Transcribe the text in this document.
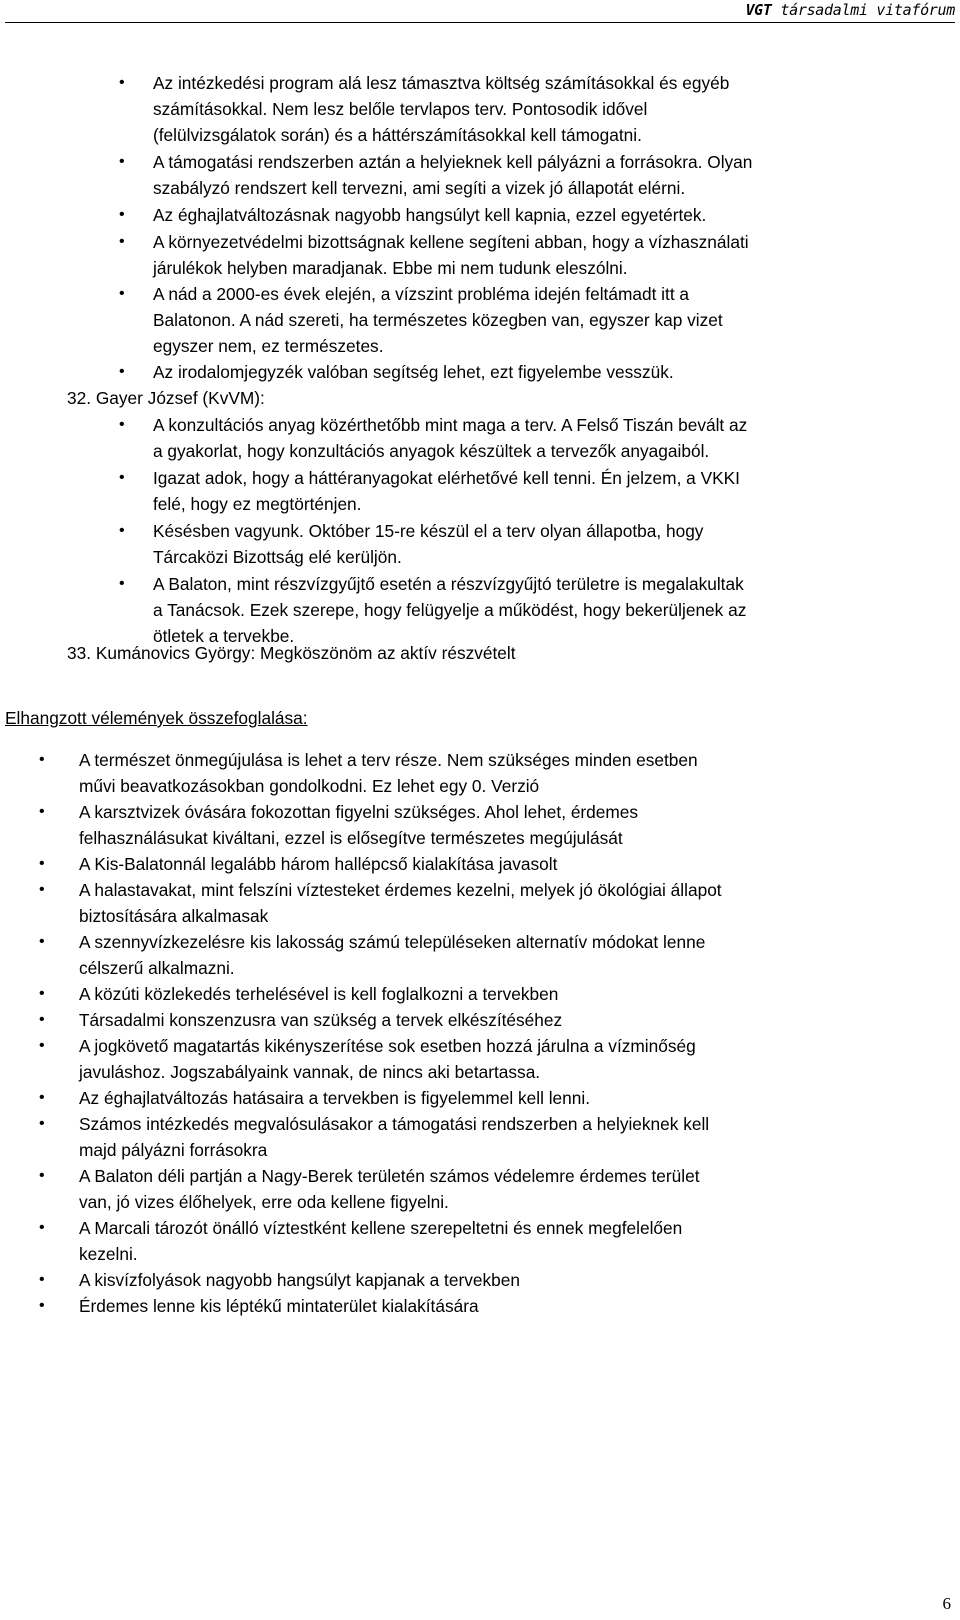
VGT társadalmi vitafórum
• Az intézkedési program alá lesz támasztva költség számításokkal és egyéb
számításokkal. Nem lesz belőle tervlapos terv. Pontosodik idővel
(felülvizsgálatok során) és a háttérszámításokkal kell támogatni.
• A támogatási rendszerben aztán a helyieknek kell pályázni a forrásokra. Olyan
szabályzó rendszert kell tervezni, ami segíti a vizek jó állapotát elérni.
• Az éghajlatváltozásnak nagyobb hangsúlyt kell kapnia, ezzel egyetértek.
• A környezetvédelmi bizottságnak kellene segíteni abban, hogy a vízhasználati
járulékok helyben maradjanak. Ebbe mi nem tudunk eleszólni.
• A nád a 2000-es évek elején, a vízszint probléma idején feltámadt itt a
Balatonon. A nád szereti, ha természetes közegben van, egyszer kap vizet
egyszer nem, ez természetes.
• Az irodalomjegyzék valóban segítség lehet, ezt figyelembe vesszük.
32. Gayer József (KvVM):
• A konzultációs anyag közérthetőbb mint maga a terv. A Felső Tiszán bevált az
a gyakorlat, hogy konzultációs anyagok készültek a tervezők anyagaiból.
• Igazat adok, hogy a háttéranyagokat elérhetővé kell tenni. Én jelzem, a VKKI
felé, hogy ez megtörténjen.
• Késésben vagyunk. Október 15-re készül el a terv olyan állapotba, hogy
Tárcaközi Bizottság elé kerüljön.
• A Balaton, mint részvízgyűjtő esetén a részvízgyűjtó területre is megalakultak
a Tanácsok. Ezek szerepe, hogy felügyelje a működést, hogy bekerüljenek az
ötletek a tervekbe.
33. Kumánovics György: Megköszönöm az aktív részvételt
Elhangzott vélemények összefoglalása:
• A természet önmegújulása is lehet a terv része. Nem szükséges minden esetben
művi beavatkozásokban gondolkodni. Ez lehet egy 0. Verzió
• A karsztvizek óvására fokozottan figyelni szükséges. Ahol lehet, érdemes
felhasználásukat kiváltani, ezzel is elősegítve természetes megújulását
• A Kis-Balatonnál legalább három hallépcső kialakítása javasolt
• A halastavakat, mint felszíni víztesteket érdemes kezelni, melyek jó ökológiai állapot
biztosítására alkalmasak
• A szennyvízkezelésre kis lakosság számú településeken alternatív módokat lenne
célszerű alkalmazni.
• A közúti közlekedés terhelésével is kell foglalkozni a tervekben
• Társadalmi konszenzusra van szükség a tervek elkészítéséhez
• A jogkövető magatartás kikényszerítése sok esetben hozzá járulna a vízminőség
javuláshoz. Jogszabályaink vannak, de nincs aki betartassa.
• Az éghajlatváltozás hatásaira a tervekben is figyelemmel kell lenni.
• Számos intézkedés megvalósulásakor a támogatási rendszerben a helyieknek kell
majd pályázni forrásokra
• A Balaton déli partján a Nagy-Berek területén számos védelemre érdemes terület
van, jó vizes élőhelyek, erre oda kellene figyelni.
• A Marcali tározót önálló víztestként kellene szerepeltetni és ennek megfelelően
kezelni.
• A kisvízfolyások nagyobb hangsúlyt kapjanak a tervekben
• Érdemes lenne kis léptékű mintaterület kialakítására
6
